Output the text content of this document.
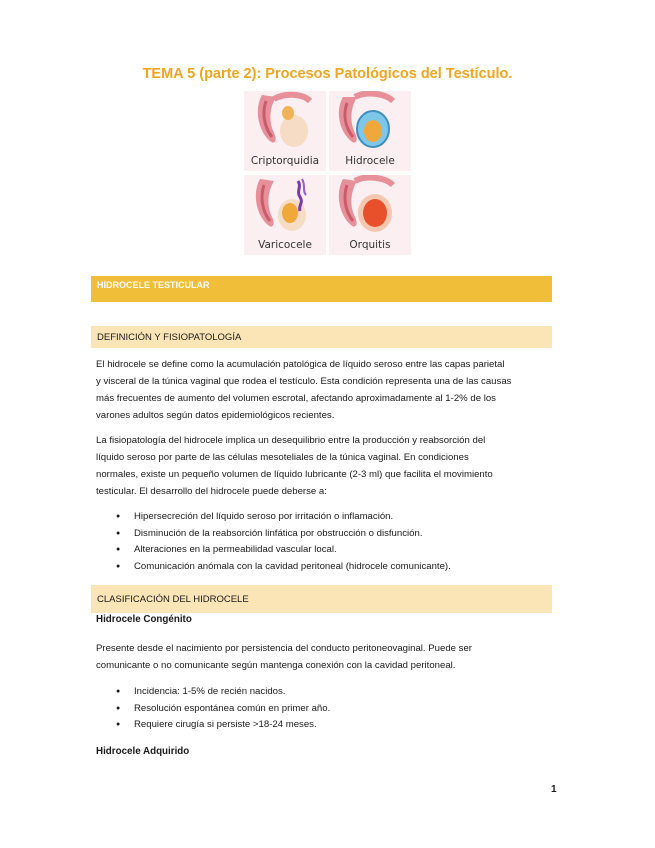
TEMA 5 (parte 2): Procesos Patológicos del Testículo.
Criptorquidia	Hidrocele
Varicocele	Orquitis
HIDROCELE TESTICULAR
DEFINICIÓN Y FISIOPATOLOGÍA

El hidrocele se define como la acumulación patológica de líquido seroso entre las capas parietal
y visceral de la túnica vaginal que rodea el testículo. Esta condición representa una de las causas
más frecuentes de aumento del volumen escrotal, afectando aproximadamente al 1-2% de los
varones adultos según datos epidemiológicos recientes.

La fisiopatología del hidrocele implica un desequilibrio entre la producción y reabsorción del
líquido seroso por parte de las células mesoteliales de la túnica vaginal. En condiciones
normales, existe un pequeño volumen de líquido lubricante (2-3 ml) que facilita el movimiento
testicular. El desarrollo del hidrocele puede deberse a:

● Hipersecreción del líquido seroso por irritación o inflamación.
● Disminución de la reabsorción linfática por obstrucción o disfunción.
● Alteraciones en la permeabilidad vascular local.
● Comunicación anómala con la cavidad peritoneal (hidrocele comunicante).
CLASIFICACIÓN DEL HIDROCELE
Hidrocele Congénito

Presente desde el nacimiento por persistencia del conducto peritoneovaginal. Puede ser
comunicante o no comunicante según mantenga conexión con la cavidad peritoneal.

● Incidencia: 1-5% de recién nacidos.
● Resolución espontánea común en primer año.
● Requiere cirugía si persiste >18-24 meses.
Hidrocele Adquirido
1
